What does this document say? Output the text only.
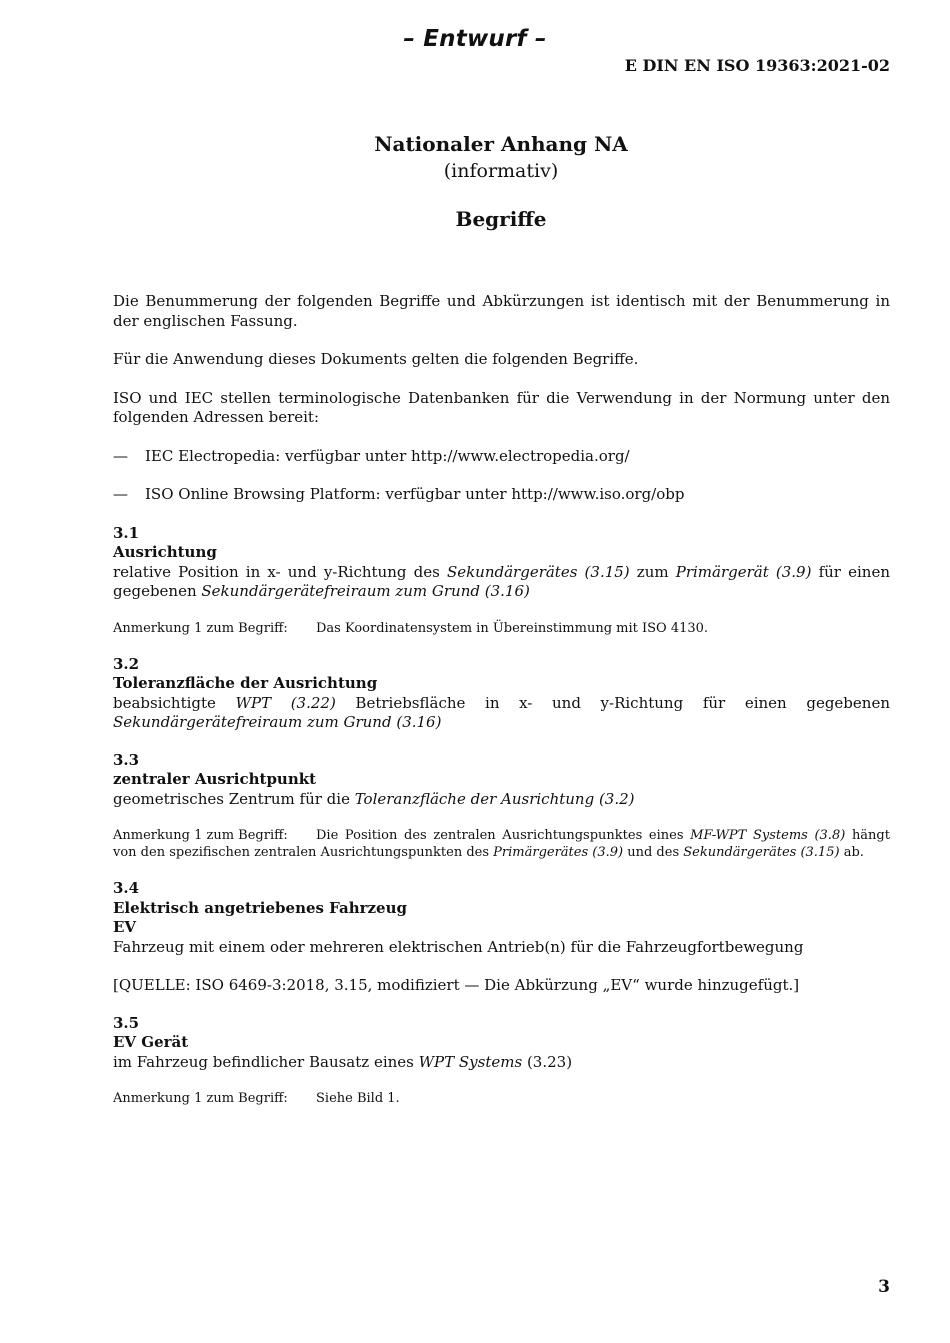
– Entwurf –
E DIN EN ISO 19363:2021-02
Nationaler Anhang NA
(informativ)
Begriffe

Die Benummerung der folgenden Begriffe und Abkürzungen ist identisch mit der Benummerung in der englischen Fassung.

Für die Anwendung dieses Dokuments gelten die folgenden Begriffe.

ISO und IEC stellen terminologische Datenbanken für die Verwendung in der Normung unter den folgenden Adressen bereit:

—	IEC Electropedia: verfügbar unter http://www.electropedia.org/
—	ISO Online Browsing Platform: verfügbar unter http://www.iso.org/obp
3.1
Ausrichtung
relative Position in x- und y-Richtung des Sekundärgerätes (3.15) zum Primärgerät (3.9) für einen gegebenen Sekundärgerätefreiraum zum Grund (3.16)
Anmerkung 1 zum Begriff: Das Koordinatensystem in Übereinstimmung mit ISO 4130.
3.2
Toleranzfläche der Ausrichtung
beabsichtigte WPT (3.22) Betriebsfläche in x- und y-Richtung für einen gegebenen Sekundärgerätefreiraum zum Grund (3.16)
3.3
zentraler Ausrichtpunkt
geometrisches Zentrum für die Toleranzfläche der Ausrichtung (3.2)
Anmerkung 1 zum Begriff: Die Position des zentralen Ausrichtungspunktes eines MF-WPT Systems (3.8) hängt von den spezifischen zentralen Ausrichtungspunkten des Primärgerätes (3.9) und des Sekundärgerätes (3.15) ab.
3.4
Elektrisch angetriebenes Fahrzeug
EV
Fahrzeug mit einem oder mehreren elektrischen Antrieb(n) für die Fahrzeugfortbewegung
[QUELLE: ISO 6469-3:2018, 3.15, modifiziert — Die Abkürzung „EV“ wurde hinzugefügt.]
3.5
EV Gerät
im Fahrzeug befindlicher Bausatz eines WPT Systems (3.23)
Anmerkung 1 zum Begriff: Siehe Bild 1.
3
